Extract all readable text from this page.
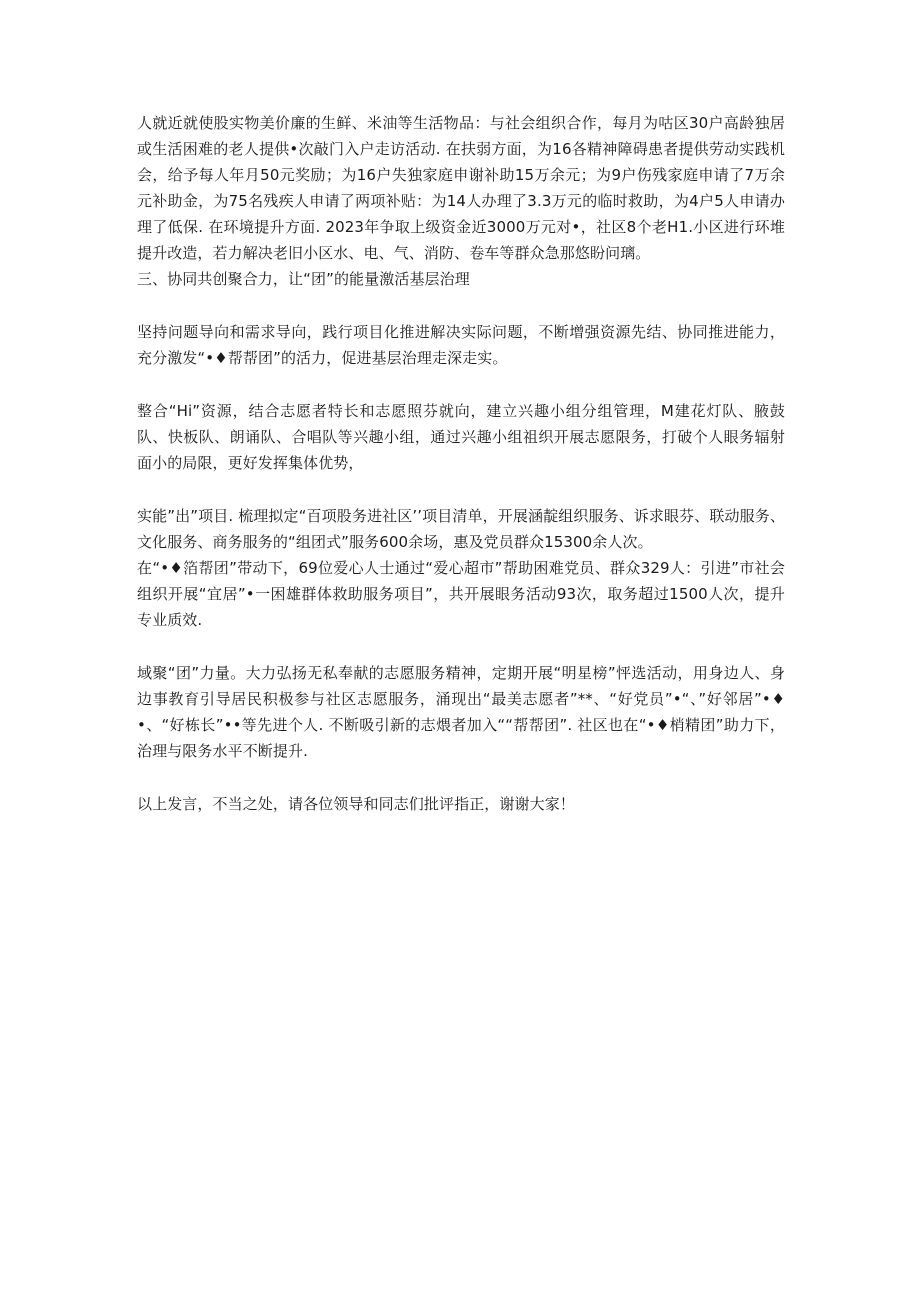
人就近就使股实物美价廉的生鲜、米油等生活物品：与社会组织合作，每月为咕区30户高龄独居或生活困难的老人提供•次敲门入户走访活动. 在扶弱方面，为16各精神障碍患者提供劳动实践机会，给予每人年月50元奖励；为16户失独家庭申谢补助15万余元；为9户伤残家庭申请了7万余元补助金，为75名残疾人申请了两项补贴：为14人办理了3.3万元的临时救助，为4户5人申请办理了低保. 在环境提升方面. 2023年争取上级资金近3000万元对•，社区8个老H1.小区进行环堆提升改造，若力解决老旧小区水、电、气、消防、卷车等群众急那悠盼问璃。

三、协同共创聚合力，让“团”的能量激活基层治理

坚持问题导向和需求导向，践行项目化推进解决实际问题，不断增强资源先结、协同推进能力，充分激发“•♦帮帮团”的活力，促进基层治理走深走实。

整合“Hi”资源，结合志愿者特长和志愿照芬就向，建立兴趣小组分组管理，M建花灯队、腋鼓队、快板队、朗诵队、合唱队等兴趣小组，通过兴趣小组祖织开展志愿限务，打破个人眼务辐射面小的局限，更好发挥集体优势，

实能”出”项目. 梳理拟定“百项股务进社区’’项目清单，开展涵靛组织服务、诉求眼芬、联动服务、文化服务、商务服务的“组团式”服务600余场，惠及党员群众15300余人次。

在“•♦箔帮团”带动下，69位爱心人士通过“爱心超市”帮助困难党员、群众329人：引进”市社会组织开展“宜居”•一困雄群体救助服务项目”，共开展眼务活动93次，取务超过1500人次，提升专业质效.

域聚“团”力量。大力弘扬无私奉献的志愿服务精神，定期开展“明星榜”怦选活动，用身边人、身边事教育引导居民积极参与社区志愿服务，涌现出“最美志愿者”**、“好党员”•“、”好邻居”•♦•、“好栋长”••等先进个人. 不断吸引新的志煨者加入““帮帮团”. 社区也在“•♦梢精团”助力下，治理与限务水平不断提升.

以上发言，不当之处，请各位领导和同志们批评指正，谢谢大家！
